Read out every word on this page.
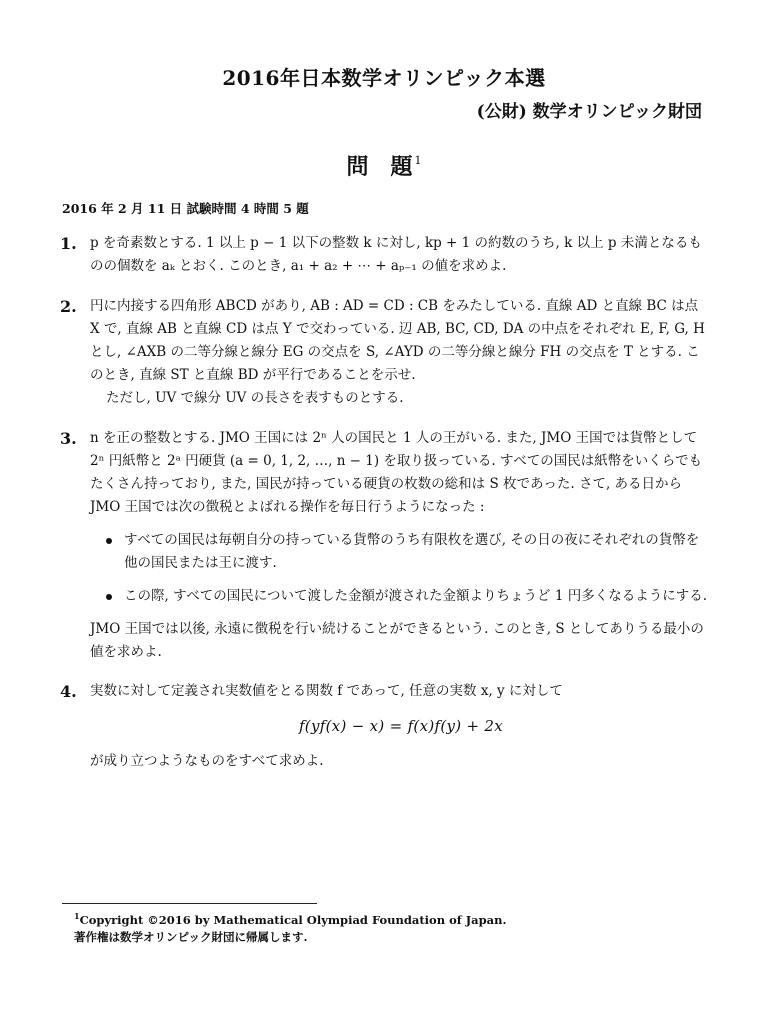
2016年日本数学オリンピック本選
(公財) 数学オリンピック財団
問　題 $^1$
2016 年 2 月 11 日 試験時間 4 時間 5 題
1. p を奇素数とする. 1 以上 p − 1 以下の整数 k に対し, kp + 1 の約数のうち, k 以上 p 未満となるものの個数を aₖ とおく. このとき, a₁ + a₂ + ⋯ + aₚ₋₁ の値を求めよ.

2. 円に内接する四角形 ABCD があり, AB : AD = CD : CB をみたしている. 直線 AD と直線 BC は点 X で, 直線 AB と直線 CD は点 Y で交わっている. 辺 AB, BC, CD, DA の中点をそれぞれ E, F, G, H とし, ∠AXB の二等分線と線分 EG の交点を S, ∠AYD の二等分線と線分 FH の交点を T とする. このとき, 直線 ST と直線 BD が平行であることを示せ.

ただし, UV で線分 UV の長さを表すものとする.

3. n を正の整数とする. JMO 王国には 2ⁿ 人の国民と 1 人の王がいる. また, JMO 王国では貨幣として 2ⁿ 円紙幣と 2ᵃ 円硬貨 (a = 0, 1, 2, …, n − 1) を取り扱っている. すべての国民は紙幣をいくらでもたくさん持っており, また, 国民が持っている硬貨の枚数の総和は S 枚であった. さて, ある日から JMO 王国では次の徴税とよばれる操作を毎日行うようになった :

すべての国民は毎朝自分の持っている貨幣のうち有限枚を選び, その日の夜にそれぞれの貨幣を他の国民または王に渡す.
この際, すべての国民について渡した金額が渡された金額よりちょうど 1 円多くなるようにする.

JMO 王国では以後, 永遠に徴税を行い続けることができるという. このとき, S としてありうる最小の値を求めよ.

4. 実数に対して定義され実数値をとる関数 f であって, 任意の実数 x, y に対して

f(yf(x) − x) = f(x)f(y) + 2x

が成り立つようなものをすべて求めよ.

$^1$Copyright ©2016 by Mathematical Olympiad Foundation of Japan.
著作権は数学オリンピック財団に帰属します.
